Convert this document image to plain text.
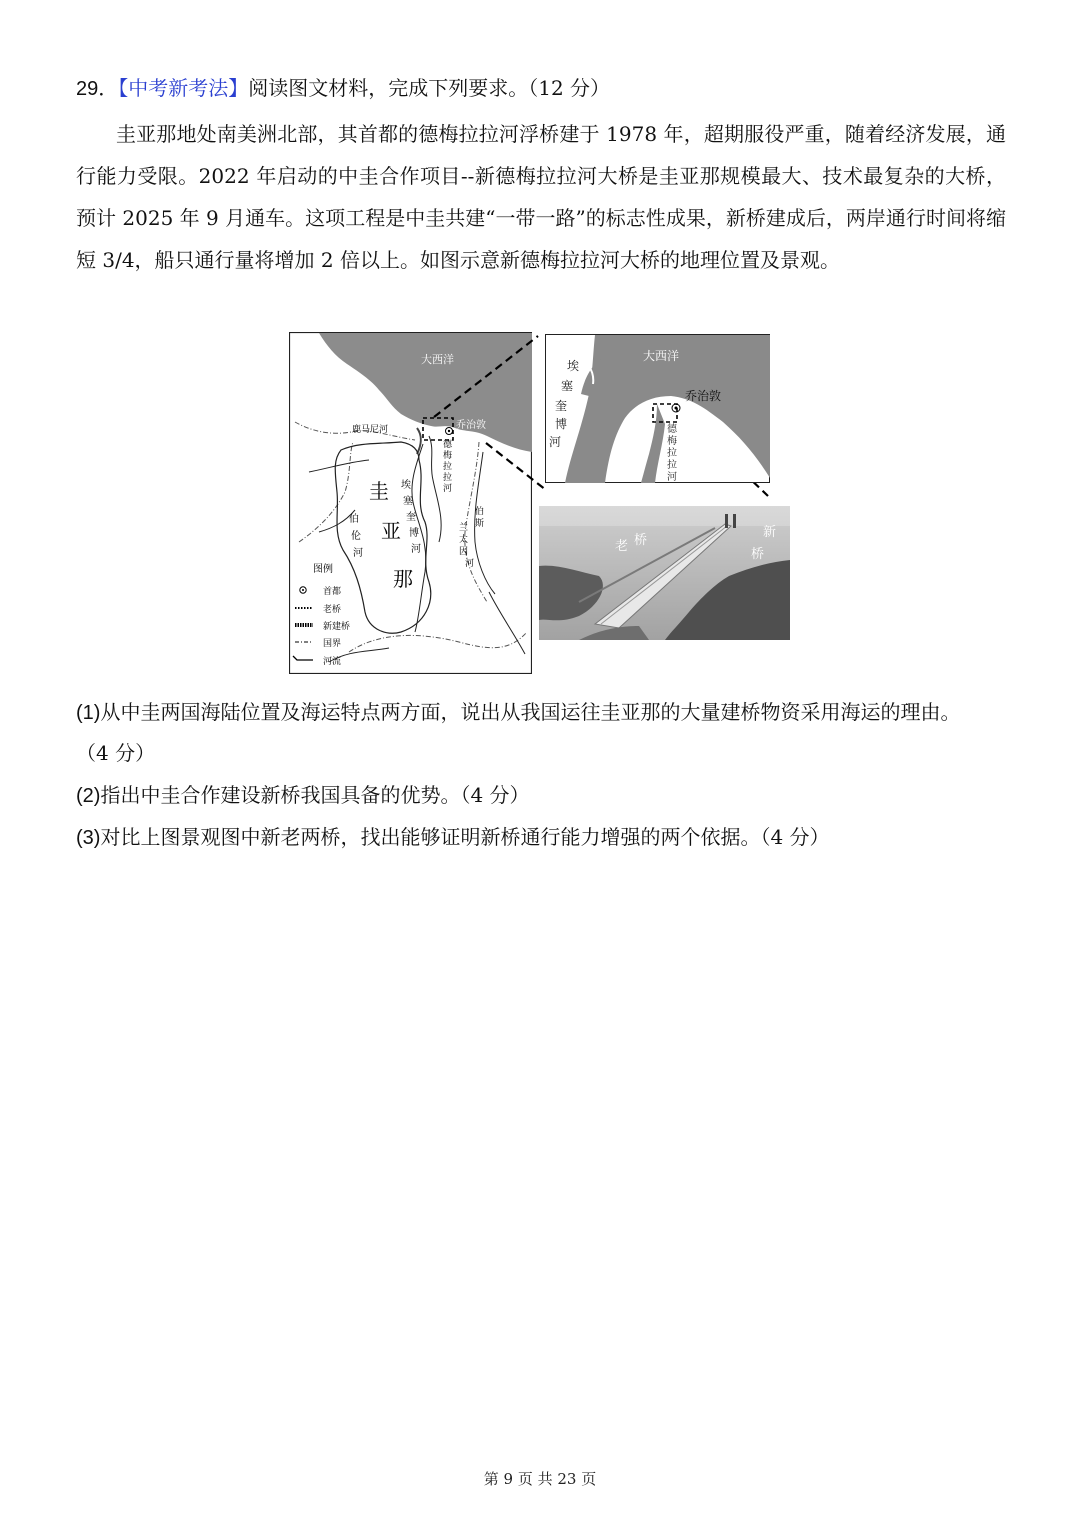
29．【中考新考法】阅读图文材料，完成下列要求。（12 分）

圭亚那地处南美洲北部，其首都的德梅拉拉河浮桥建于 1978 年，超期服役严重，随着经济发展，通行能力受限。2022 年启动的中圭合作项目--新德梅拉拉河大桥是圭亚那规模最大、技术最复杂的大桥，预计 2025 年 9 月通车。这项工程是中圭共建“一带一路”的标志性成果，新桥建成后，两岸通行时间将缩短 3/4，船只通行量将增加 2 倍以上。如图示意新德梅拉拉河大桥的地理位置及景观。

大西洋
乔治敦
鹿马尼河
德
梅
拉
拉
河
埃
塞
奎
博
河
伯
伦
河
伯
斯
兰
太
因
河
圭
亚
那
图例
首都
老桥
新建桥
国界
河流
大西洋
乔治敦
埃
塞
奎
博
河
德
梅
拉
拉
河
桥
老
新
桥
(1)从中圭两国海陆位置及海运特点两方面，说出从我国运往圭亚那的大量建桥物资采用海运的理由。
（4 分）
(2)指出中圭合作建设新桥我国具备的优势。（4 分）
(3)对比上图景观图中新老两桥，找出能够证明新桥通行能力增强的两个依据。（4 分）
第 9 页 共 23 页
